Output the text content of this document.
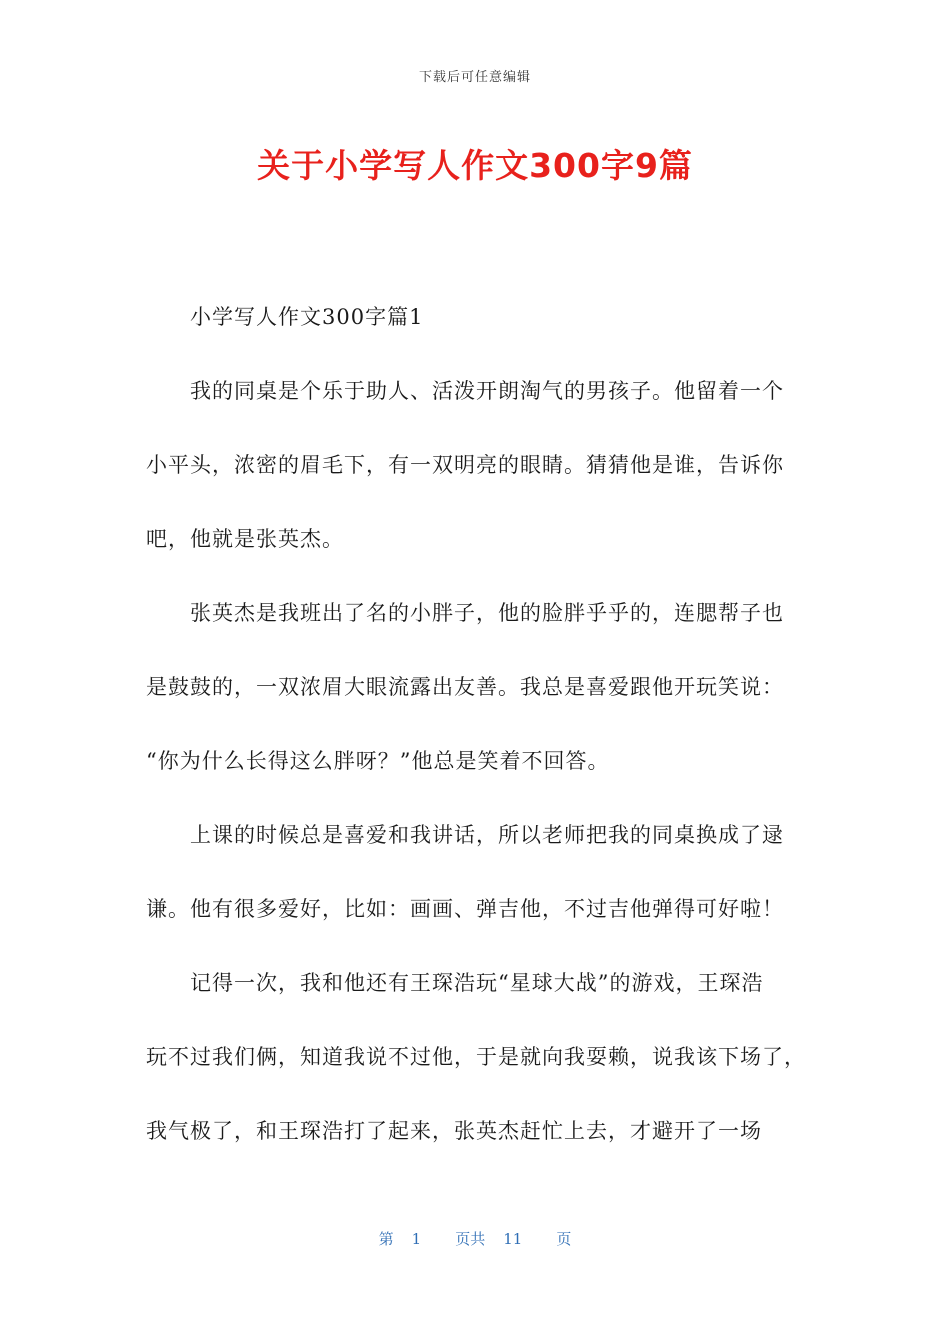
下载后可任意编辑
关于小学写人作文300字9篇
小学写人作文300字篇1
我的同桌是个乐于助人、活泼开朗淘气的男孩子。他留着一个
小平头，浓密的眉毛下，有一双明亮的眼睛。猜猜他是谁，告诉你
吧，他就是张英杰。
张英杰是我班出了名的小胖子，他的脸胖乎乎的，连腮帮子也
是鼓鼓的，一双浓眉大眼流露出友善。我总是喜爱跟他开玩笑说：
“你为什么长得这么胖呀？”他总是笑着不回答。
上课的时候总是喜爱和我讲话，所以老师把我的同桌换成了逯
谦。他有很多爱好，比如：画画、弹吉他，不过吉他弹得可好啦！
记得一次，我和他还有王琛浩玩“星球大战”的游戏，王琛浩
玩不过我们俩，知道我说不过他，于是就向我耍赖，说我该下场了，
我气极了，和王琛浩打了起来，张英杰赶忙上去，才避开了一场
第 1 页共 11 页
